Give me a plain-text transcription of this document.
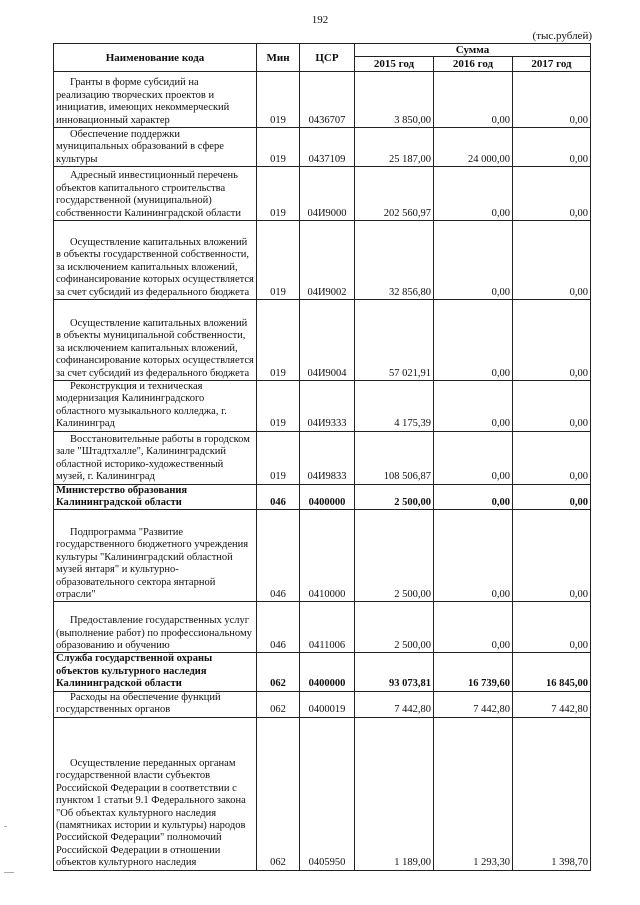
192
(тыс.рублей)
Наименование кода	Мин	ЦСР	Сумма		
			2015 год	2016 год	2017 год
Гранты в форме субсидий на реализацию творческих проектов и инициатив, имеющих некоммерческий инновационный характер	019	0436707	3 850,00	0,00	0,00
Обеспечение поддержки муниципальных образований в сфере культуры	019	0437109	25 187,00	24 000,00	0,00
Адресный инвестиционный перечень объектов капитального строительства государственной (муниципальной) собственности Калининградской области	019	04И9000	202 560,97	0,00	0,00
Осуществление капитальных вложений в объекты государственной собственности, за исключением капитальных вложений, софинансирование которых осуществляется за счет субсидий из федерального бюджета	019	04И9002	32 856,80	0,00	0,00
Осуществление капитальных вложений в объекты муниципальной собственности, за исключением капитальных вложений, софинансирование которых осуществляется за счет субсидий из федерального бюджета	019	04И9004	57 021,91	0,00	0,00
Реконструкция и техническая модернизация Калининградского областного музыкального колледжа, г. Калининград	019	04И9333	4 175,39	0,00	0,00
Восстановительные работы в городском зале "Штадтхалле", Калининградский областной историко-художественный музей, г. Калининград	019	04И9833	108 506,87	0,00	0,00
Министерство образования Калининградской области	046	0400000	2 500,00	0,00	0,00
Подпрограмма "Развитие государственного бюджетного учреждения культуры "Калининградский областной музей янтаря" и культурно-образовательного сектора янтарной отрасли"	046	0410000	2 500,00	0,00	0,00
Предоставление государственных услуг (выполнение работ) по профессиональному образованию и обучению	046	0411006	2 500,00	0,00	0,00
Служба государственной охраны объектов культурного наследия Калининградской области	062	0400000	93 073,81	16 739,60	16 845,00
Расходы на обеспечение функций государственных органов	062	0400019	7 442,80	7 442,80	7 442,80
Осуществление переданных органам государственной власти субъектов Российской Федерации в соответствии с пунктом 1 статьи 9.1 Федерального закона "Об объектах культурного наследия (памятниках истории и культуры) народов Российской Федерации" полномочий Российской Федерации в отношении объектов культурного наследия	062	0405950	1 189,00	1 293,30	1 398,70
